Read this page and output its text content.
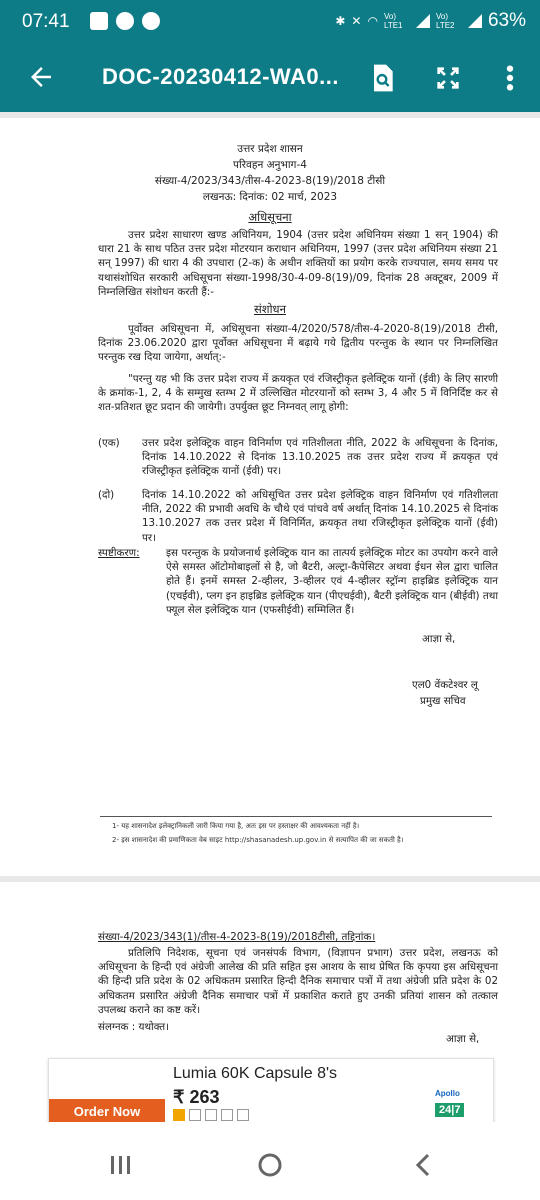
07:41	✱ ✕ ◠ Vo) LTE1
Vo) LTE2	63%
DOC-20230412-WA0...
उत्तर प्रदेश शासन
परिवहन अनुभाग-4
संख्या-4/2023/343/तीस-4-2023-8(19)/2018 टीसी
लखनऊ: दिनांक: 02 मार्च, 2023
अधिसूचना
उत्तर प्रदेश साधारण खण्ड अधिनियम, 1904 (उत्तर प्रदेश अधिनियम संख्या 1 सन् 1904) की धारा 21 के साथ पठित उत्तर प्रदेश मोटरयान कराधान अधिनियम, 1997 (उत्तर प्रदेश अधिनियम संख्या 21 सन् 1997) की धारा 4 की उपधारा (2-क) के अधीन शक्तियों का प्रयोग करके राज्यपाल, समय समय पर यथासंशोधित सरकारी अधिसूचना संख्या-1998/30-4-09-8(19)/09, दिनांक 28 अक्टूबर, 2009 में निम्नलिखित संशोधन करती हैं:-
संशोधन
पूर्वोक्त अधिसूचना में, अधिसूचना संख्या-4/2020/578/तीस-4-2020-8(19)/2018 टीसी, दिनांक 23.06.2020 द्वारा पूर्वोक्त अधिसूचना में बढ़ाये गये द्वितीय परन्तुक के स्थान पर निम्नलिखित परन्तुक रख दिया जायेगा, अर्थात्:-
"परन्तु यह भी कि उत्तर प्रदेश राज्य में क्रयकृत एवं रजिस्ट्रीकृत इलेक्ट्रिक यानों (ईवी) के लिए सारणी के क्रमांक-1, 2, 4 के सम्मुख स्तम्भ 2 में उल्लिखित मोटरयानों को स्तम्भ 3, 4 और 5 में विनिर्दिष्ट कर से शत-प्रतिशत छूट प्रदान की जायेगी। उपर्युक्त छूट निम्नवत् लागू होगी:
(एक)	उत्तर प्रदेश इलेक्ट्रिक वाहन विनिर्माण एवं गतिशीलता नीति, 2022 के अधिसूचना के दिनांक, दिनांक 14.10.2022 से दिनांक 13.10.2025 तक उत्तर प्रदेश राज्य में क्रयकृत एवं रजिस्ट्रीकृत इलेक्ट्रिक यानों (ईवी) पर।
(दो)	दिनांक 14.10.2022 को अधिसूचित उत्तर प्रदेश इलेक्ट्रिक वाहन विनिर्माण एवं गतिशीलता नीति, 2022 की प्रभावी अवधि के चौथे एवं पांचवे वर्ष अर्थात् दिनांक 14.10.2025 से दिनांक 13.10.2027 तक उत्तर प्रदेश में विनिर्मित, क्रयकृत तथा रजिस्ट्रीकृत इलेक्ट्रिक यानों (ईवी) पर।
स्पष्टीकरण:	इस परन्तुक के प्रयोजनार्थ इलेक्ट्रिक यान का तात्पर्य इलेक्ट्रिक मोटर का उपयोग करने वाले ऐसे समस्त ऑटोमोबाइलों से है, जो बैटरी, अल्ट्रा-कैपेसिटर अथवा ईधन सेल द्वारा चालित होते हैं। इनमें समस्त 2-व्हीलर, 3-व्हीलर एवं 4-व्हीलर स्ट्रॉन्ग हाइब्रिड इलेक्ट्रिक यान (एचईवी), प्लग इन हाइब्रिड इलेक्ट्रिक यान (पीएचईवी), बैटरी इलेक्ट्रिक यान (बीईवी) तथा फ्यूल सेल इलेक्ट्रिक यान (एफसीईवी) सम्मिलित हैं।
आज्ञा से,
एल0 वेंकटेश्वर लू
प्रमुख सचिव
1- यह शासनादेश इलेक्ट्रानिकली जारी किया गया है, अतः इस पर हस्ताक्षर की आवश्यकता नहीं है।
2- इस शासनादेश की प्रमाणिकता वेब साइट http://shasanadesh.up.gov.in से सत्यापित की जा सकती है।
संख्या-4/2023/343(1)/तीस-4-2023-8(19)/2018टीसी, तद्दिनांक।
प्रतिलिपि निदेशक, सूचना एवं जनसंपर्क विभाग, (विज्ञापन प्रभाग) उत्तर प्रदेश, लखनऊ को अधिसूचना के हिन्दी एवं अंग्रेजी आलेख की प्रति सहित इस आशय के साथ प्रेषित कि कृपया इस अधिसूचना की हिन्दी प्रति प्रदेश के 02 अधिकतम प्रसारित हिन्दी दैनिक समाचार पत्रों में तथा अंग्रेजी प्रति प्रदेश के 02 अधिकतम प्रसारित अंग्रेजी दैनिक समाचार पत्रों में प्रकाशित कराते हुए उनकी प्रतियां शासन को तत्काल उपलब्ध कराने का कष्ट करें।
संलग्नक : यथोक्त।
आज्ञा से,
Order Now
Lumia 60K Capsule 8's
₹ 263	Apollo
24|7
